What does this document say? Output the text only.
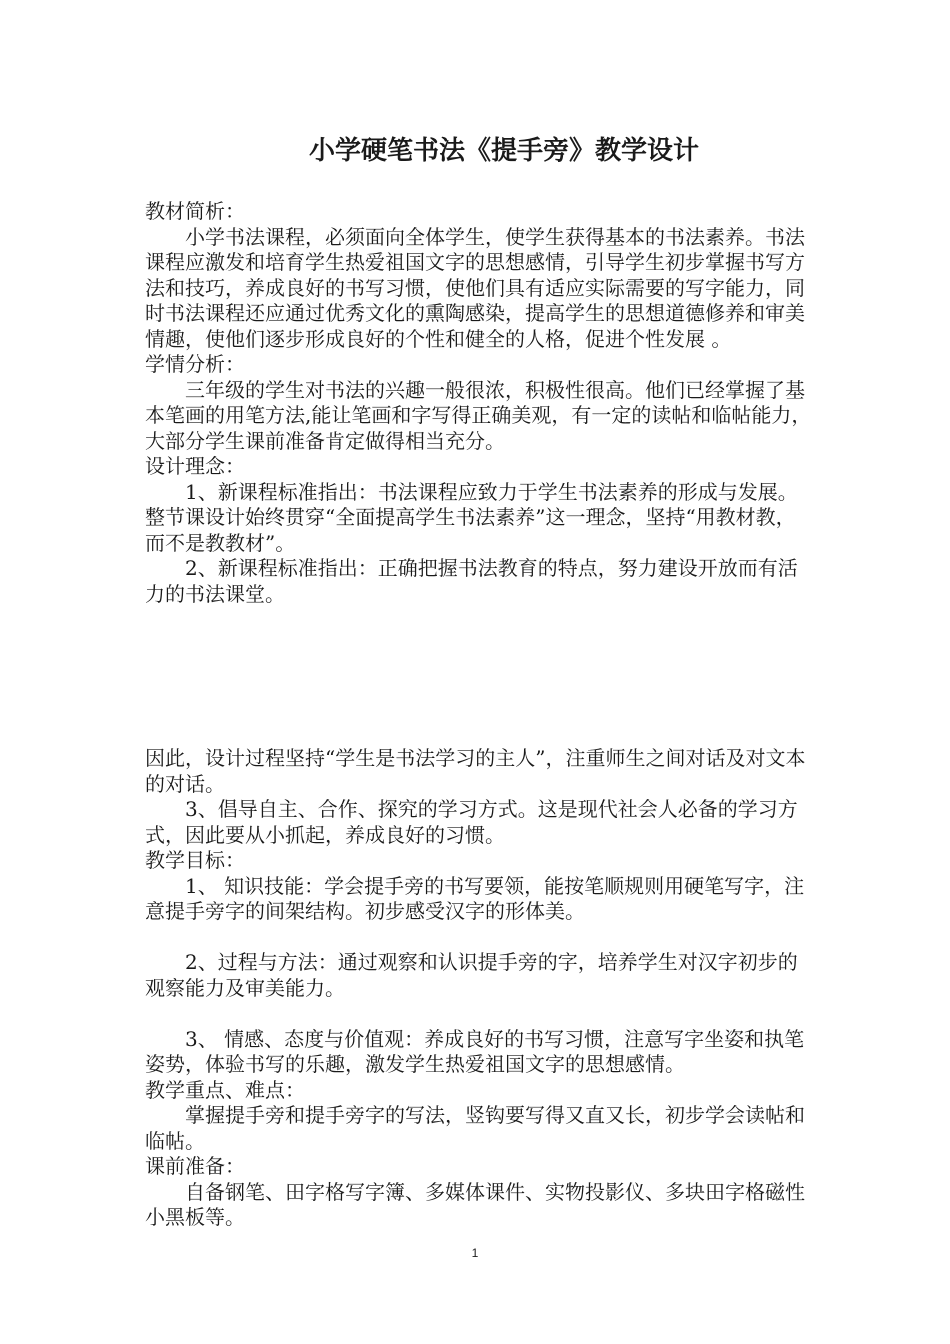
小学硬笔书法《提手旁》教学设计

教材简析：

小学书法课程，必须面向全体学生，使学生获得基本的书法素养。书法课程应激发和培育学生热爱祖国文字的思想感情，引导学生初步掌握书写方法和技巧，养成良好的书写习惯，使他们具有适应实际需要的写字能力，同时书法课程还应通过优秀文化的熏陶感染，提高学生的思想道德修养和审美情趣，使他们逐步形成良好的个性和健全的人格，促进个性发展 。

学情分析：

三年级的学生对书法的兴趣一般很浓，积极性很高。他们已经掌握了基本笔画的用笔方法,能让笔画和字写得正确美观，有一定的读帖和临帖能力，大部分学生课前准备肯定做得相当充分。

设计理念：

1、新课程标准指出：书法课程应致力于学生书法素养的形成与发展。整节课设计始终贯穿“全面提高学生书法素养”这一理念，坚持“用教材教，而不是教教材”。

2、新课程标准指出：正确把握书法教育的特点，努力建设开放而有活力的书法课堂。

因此，设计过程坚持“学生是书法学习的主人”，注重师生之间对话及对文本的对话。

3、倡导自主、合作、探究的学习方式。这是现代社会人必备的学习方式，因此要从小抓起，养成良好的习惯。

教学目标：

1、 知识技能：学会提手旁的书写要领，能按笔顺规则用硬笔写字，注意提手旁字的间架结构。初步感受汉字的形体美。

2、过程与方法：通过观察和认识提手旁的字，培养学生对汉字初步的观察能力及审美能力。

3、 情感、态度与价值观：养成良好的书写习惯，注意写字坐姿和执笔姿势，体验书写的乐趣，激发学生热爱祖国文字的思想感情。

教学重点、难点：

掌握提手旁和提手旁字的写法，竖钩要写得又直又长，初步学会读帖和临帖。

课前准备：

自备钢笔、田字格写字簿、多媒体课件、实物投影仪、多块田字格磁性小黑板等。

1
